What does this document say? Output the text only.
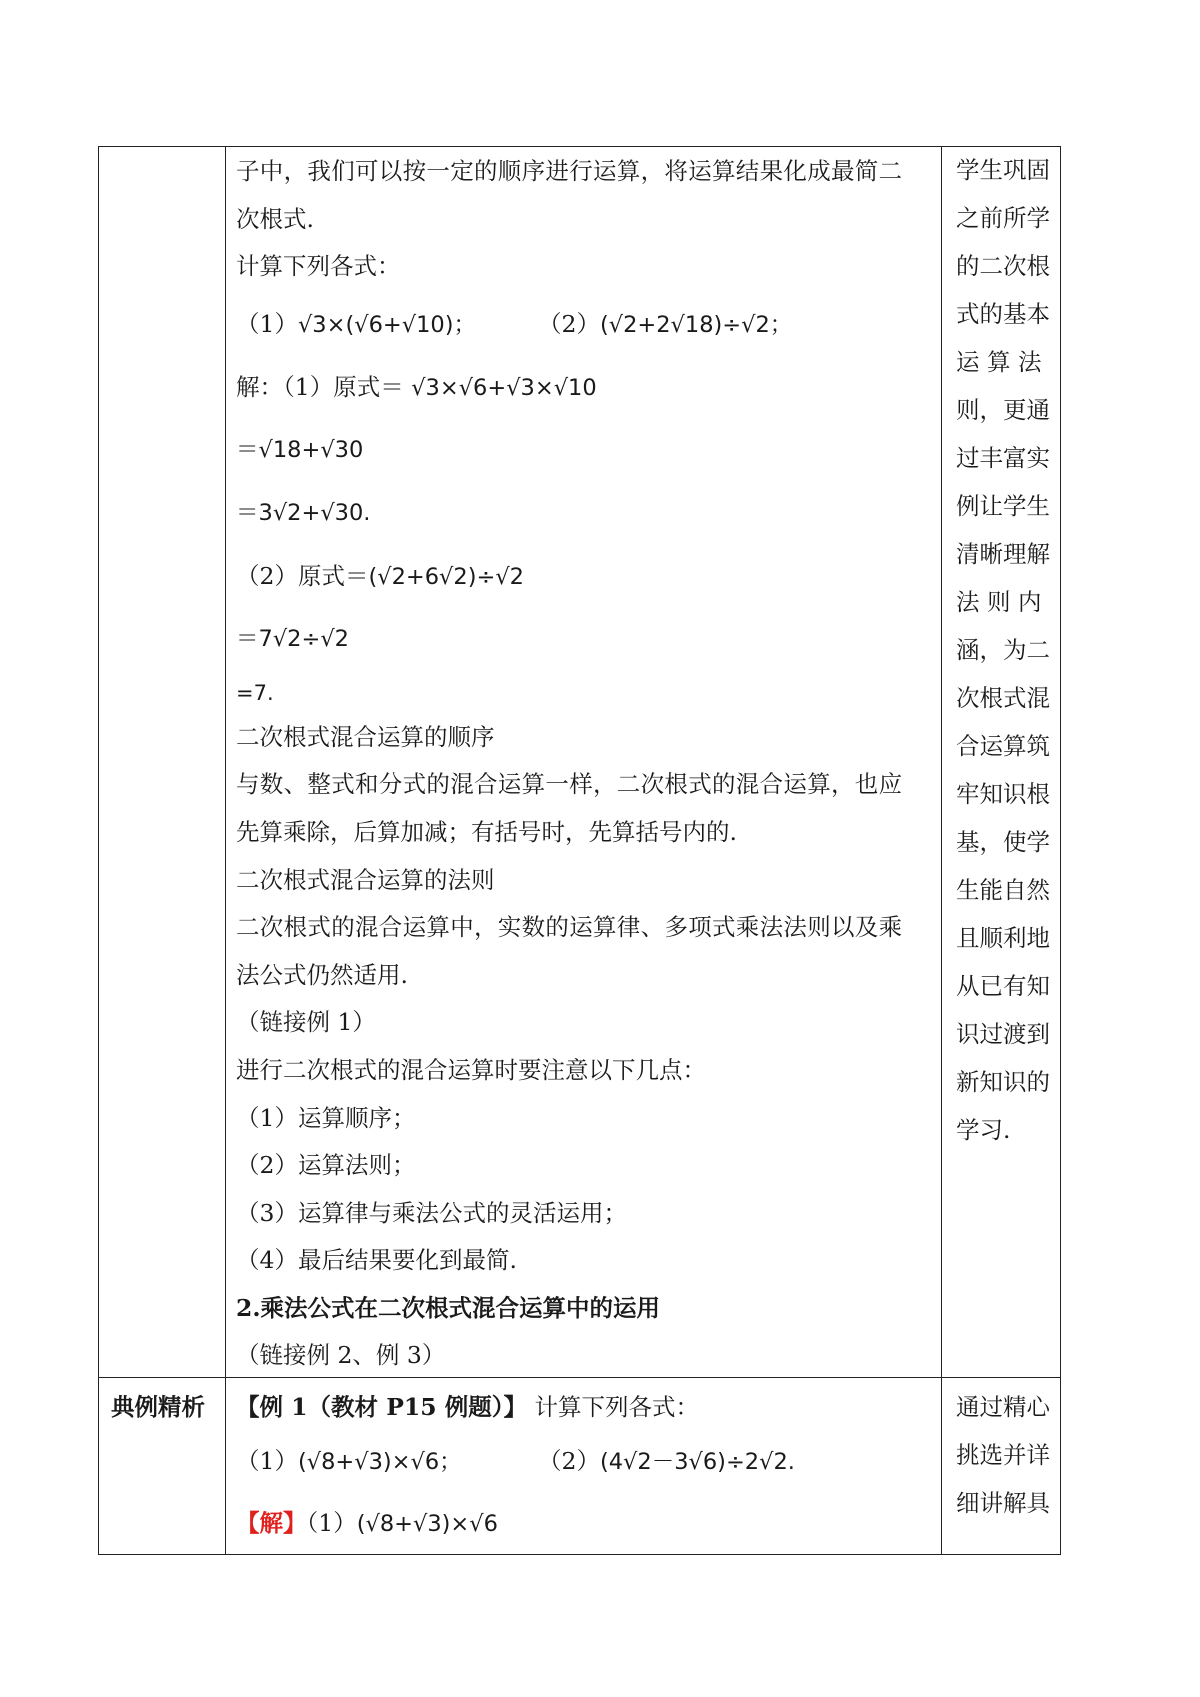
典例精析
子中，我们可以按一定的顺序进行运算，将运算结果化成最简二
次根式.
计算下列各式：
（1）√3×(√6+√10)；	（2）(√2+2√18)÷√2；
解：（1）原式＝ √3×√6+√3×√10
＝√18+√30
＝3√2+√30.
（2）原式＝(√2+6√2)÷√2
＝7√2÷√2
=7.
二次根式混合运算的顺序
与数、整式和分式的混合运算一样，二次根式的混合运算，也应
先算乘除，后算加减；有括号时，先算括号内的.
二次根式混合运算的法则
二次根式的混合运算中，实数的运算律、多项式乘法法则以及乘
法公式仍然适用.
（链接例 1）
进行二次根式的混合运算时要注意以下几点：
（1）运算顺序；
（2）运算法则；
（3）运算律与乘法公式的灵活运用；
（4）最后结果要化到最简.
2.乘法公式在二次根式混合运算中的运用
（链接例 2、例 3）
【例 1（教材 P15 例题）】 计算下列各式：
（1）(√8+√3)×√6；	（2）(4√2－3√6)÷2√2.
【解】（1）(√8+√3)×√6
学生巩固
之前所学
的二次根
式的基本
运 算 法
则，更通
过丰富实
例让学生
清晰理解
法 则 内
涵，为二
次根式混
合运算筑
牢知识根
基，使学
生能自然
且顺利地
从已有知
识过渡到
新知识的
学习.
通过精心
挑选并详
细讲解具
